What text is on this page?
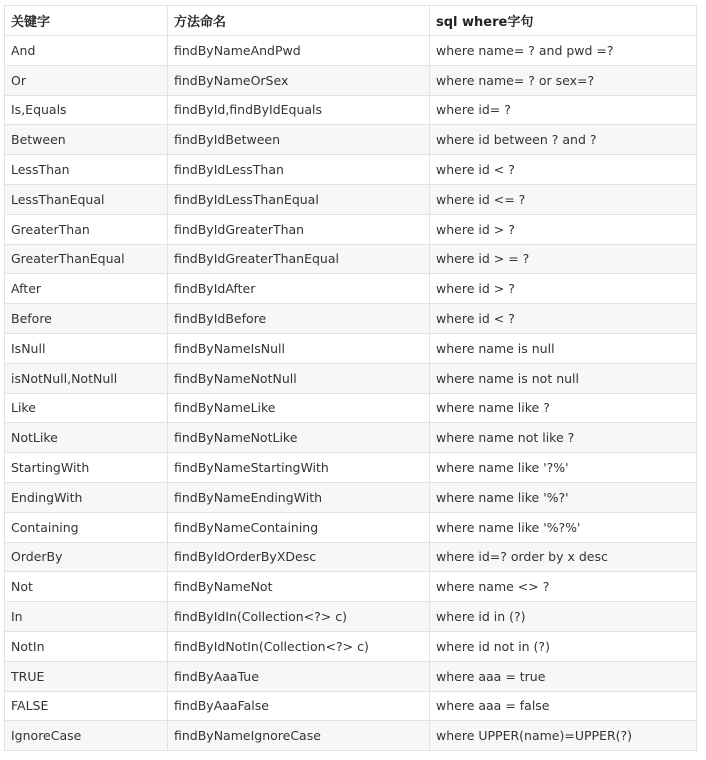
关键字	方法命名	sql where字句
And	findByNameAndPwd	where name= ? and pwd =?
Or	findByNameOrSex	where name= ? or sex=?
Is,Equals	findById,findByIdEquals	where id= ?
Between	findByIdBetween	where id between ? and ?
LessThan	findByIdLessThan	where id < ?
LessThanEqual	findByIdLessThanEqual	where id <= ?
GreaterThan	findByIdGreaterThan	where id > ?
GreaterThanEqual	findByIdGreaterThanEqual	where id > = ?
After	findByIdAfter	where id > ?
Before	findByIdBefore	where id < ?
IsNull	findByNameIsNull	where name is null
isNotNull,NotNull	findByNameNotNull	where name is not null
Like	findByNameLike	where name like ?
NotLike	findByNameNotLike	where name not like ?
StartingWith	findByNameStartingWith	where name like '?%'
EndingWith	findByNameEndingWith	where name like '%?'
Containing	findByNameContaining	where name like '%?%'
OrderBy	findByIdOrderByXDesc	where id=? order by x desc
Not	findByNameNot	where name <> ?
In	findByIdIn(Collection<?> c)	where id in (?)
NotIn	findByIdNotIn(Collection<?> c)	where id not in (?)
TRUE	findByAaaTue	where aaa = true
FALSE	findByAaaFalse	where aaa = false
IgnoreCase	findByNameIgnoreCase	where UPPER(name)=UPPER(?)
